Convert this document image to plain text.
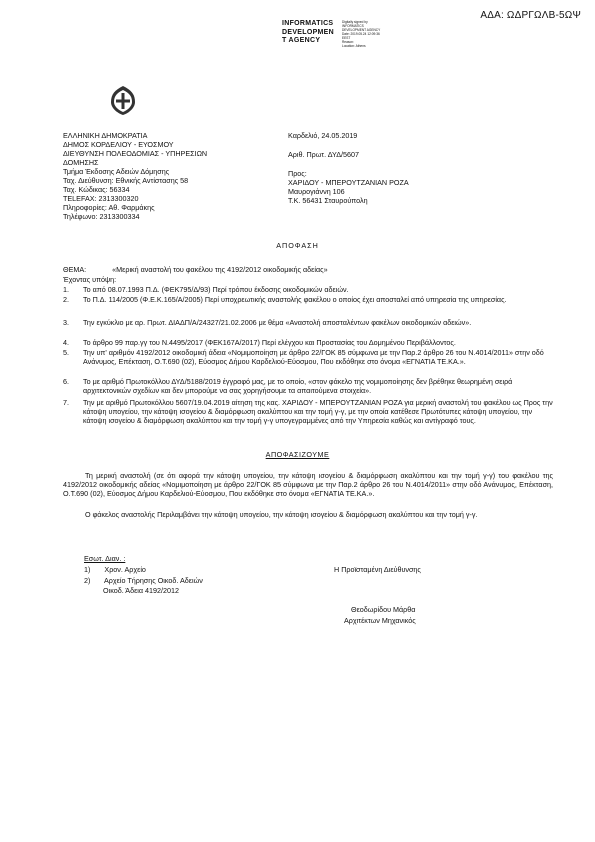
ΑΔΑ: ΩΔΡΓΩΛΒ-5ΩΨ
INFORMATICS
DEVELOPMEN
T AGENCY
Digitally signed by
INFORMATICS
DEVELOPMENT AGENCY
Date: 2019.05.24 12:09:36
EEST
Reason:
Location: Athens
ΕΛΛΗΝΙΚΗ ΔΗΜΟΚΡΑΤΙΑ
ΔΗΜΟΣ ΚΟΡΔΕΛΙΟΥ - ΕΥΟΣΜΟΥ
ΔΙΕΥΘΥΝΣΗ ΠΟΛΕΟΔΟΜΙΑΣ - ΥΠΗΡΕΣΙΩΝ
ΔΟΜΗΣΗΣ
Τμήμα Έκδοσης Αδειών Δόμησης
Ταχ. Διεύθυνση: Εθνικής Αντίστασης 58
Ταχ. Κώδικας: 56334
TELEFAX: 2313300320
Πληροφορίες: Αθ. Φαρμάκης
Τηλέφωνο: 2313300334
Καρδελιό, 24.05.2019
Αριθ. Πρωτ. ΔΥΔ/5607
Προς:
ΧΑΡΙΔΟΥ - ΜΠΕΡΟΥΤΖΑΝΙΑΝ ΡΟΖΑ
Μαυρογιάννη 106
Τ.Κ. 56431 Σταυρούπολη
ΑΠΟΦΑΣΗ
ΘΕΜΑ:	«Μερική αναστολή του φακέλου της 4192/2012 οικοδομικής αδείας»
Έχοντας υπόψη:
1. Το από 08.07.1993 Π.Δ. (ΦΕΚ795/Δ/93) Περί τρόπου έκδοσης οικοδομικών αδειών.
2. Το Π.Δ. 114/2005 (Φ.Ε.Κ.165/Α/2005) Περί υποχρεωτικής αναστολής φακέλου ο οποίος έχει αποσταλεί από υπηρεσία της υπηρεσίας.
3. Την εγκύκλιο με αρ. Πρωτ. ΔΙΑΔΠ/Α/24327/21.02.2006 με θέμα «Αναστολή αποσταλέντων φακέλων οικοδομικών αδειών».
4. Το άρθρο 99 παρ.γγ του Ν.4495/2017 (ΦΕΚ167Α/2017) Περί ελέγχου και Προστασίας του Δομημένου Περιβάλλοντος.
5. Την υπ' αριθμόν 4192/2012 οικοδομική άδεια «Νομιμοποίηση με άρθρο 22/ΓΟΚ 85 σύμφωνα με την Παρ.2 άρθρο 26 του Ν.4014/2011» στην οδό Ανάνυμος, Επέκταση, Ο.Τ.690 (02), Εύοσμος Δήμου Καρδελιού-Εύοσμου, Που εκδόθηκε στο όνομα «ΕΓΝΑΤΙΑ ΤΕ.ΚΑ.».
6. Το με αριθμό Πρωτοκόλλου ΔΥΔ/5188/2019 έγγραφό μας, με το οποίο, «στον φάκελο της νομιμοποίησης δεν βρέθηκε θεωρημένη σειρά αρχιτεκτονικών σχεδίων και δεν μπορούμε να σας χορηγήσουμε τα απαιτούμενα στοιχεία».
7. Την με αριθμό Πρωτοκόλλου 5607/19.04.2019 αίτηση της κας. ΧΑΡΙΔΟΥ - ΜΠΕΡΟΥΤΖΑΝΙΑΝ ΡΟΖΑ για μερική αναστολή του φακέλου ως Προς την κάτοψη υπογείου, την κάτοψη ισογείου & διαμόρφωση ακαλύπτου και την τομή γ-γ, με την οποία κατέθεσε Πρωτότυπες κάτοψη υπογείου, την κάτοψη ισογείου & διαμόρφωση ακαλύπτου και την τομή γ-γ υπογεγραμμένες από την Υπηρεσία καθώς και αντίγραφό τους.
ΑΠΟΦΑΣΙΖΟΥΜΕ
Τη μερική αναστολή (σε ότι αφορά την κάτοψη υπογείου, την κάτοψη ισογείου & διαμόρφωση ακαλύπτου και την τομή γ-γ) του φακέλου της 4192/2012 οικοδομικής αδείας «Νομιμοποίηση με άρθρο 22/ΓΟΚ 85 σύμφωνα με την Παρ.2 άρθρο 26 του Ν.4014/2011» στην οδό Ανάνυμος, Επέκταση, Ο.Τ.690 (02), Εύοσμος Δήμου Καρδελιού-Εύοσμου, Που εκδόθηκε στο όνομα «ΕΓΝΑΤΙΑ ΤΕ.ΚΑ.».
Ο φάκελος αναστολής Περιλαμβάνει την κάτοψη υπογείου, την κάτοψη ισογείου & διαμόρφωση ακαλύπτου και την τομή γ-γ.
Εσωτ. Διαν. :
1) Χρον. Αρχείο
2) Αρχείο Τήρησης Οικοδ. Αδειών
Οικοδ. Άδεια 4192/2012
Η Προϊσταμένη Διεύθυνσης
Θεοδωρίδου Μάρθα
Αρχιτέκτων Μηχανικός
